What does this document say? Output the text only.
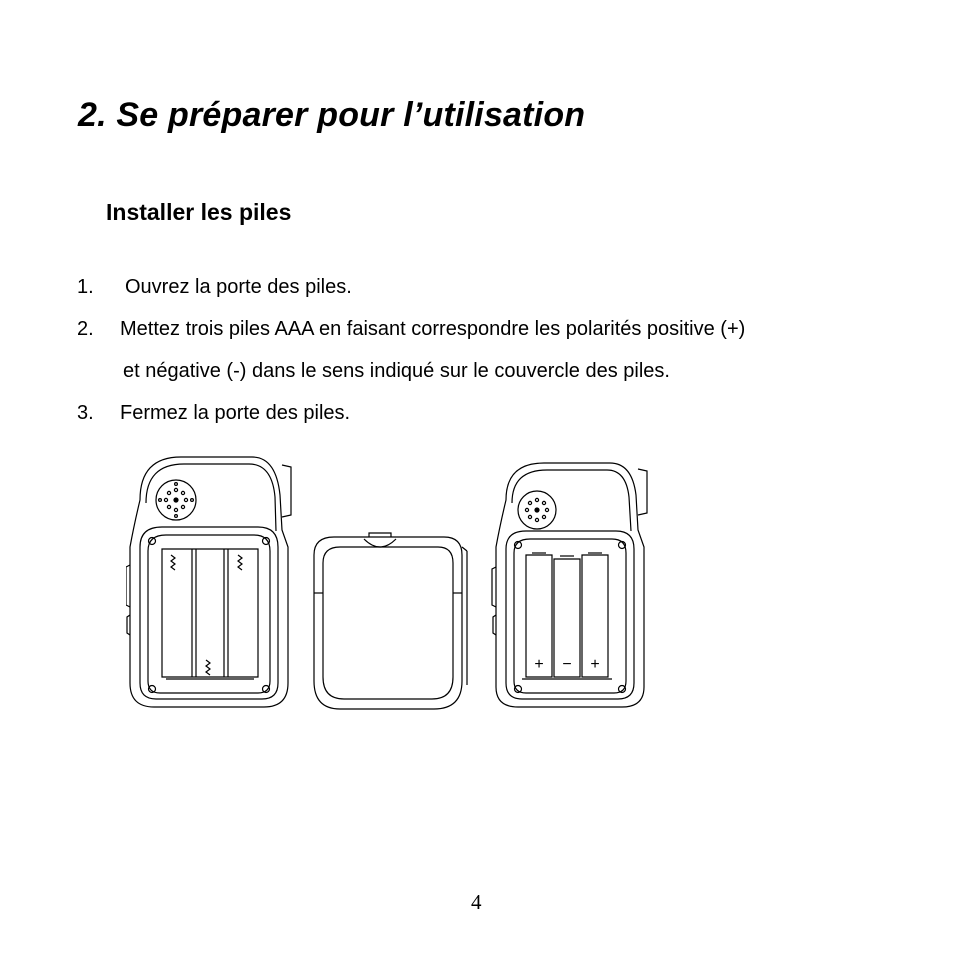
2. Se préparer pour l’utilisation
Installer les piles
1. Ouvrez la porte des piles.
2. Mettez trois piles AAA en faisant correspondre les polarités positive (+)
et négative (-) dans le sens indiqué sur le couvercle des piles.
3. Fermez la porte des piles.
+ − +
4
